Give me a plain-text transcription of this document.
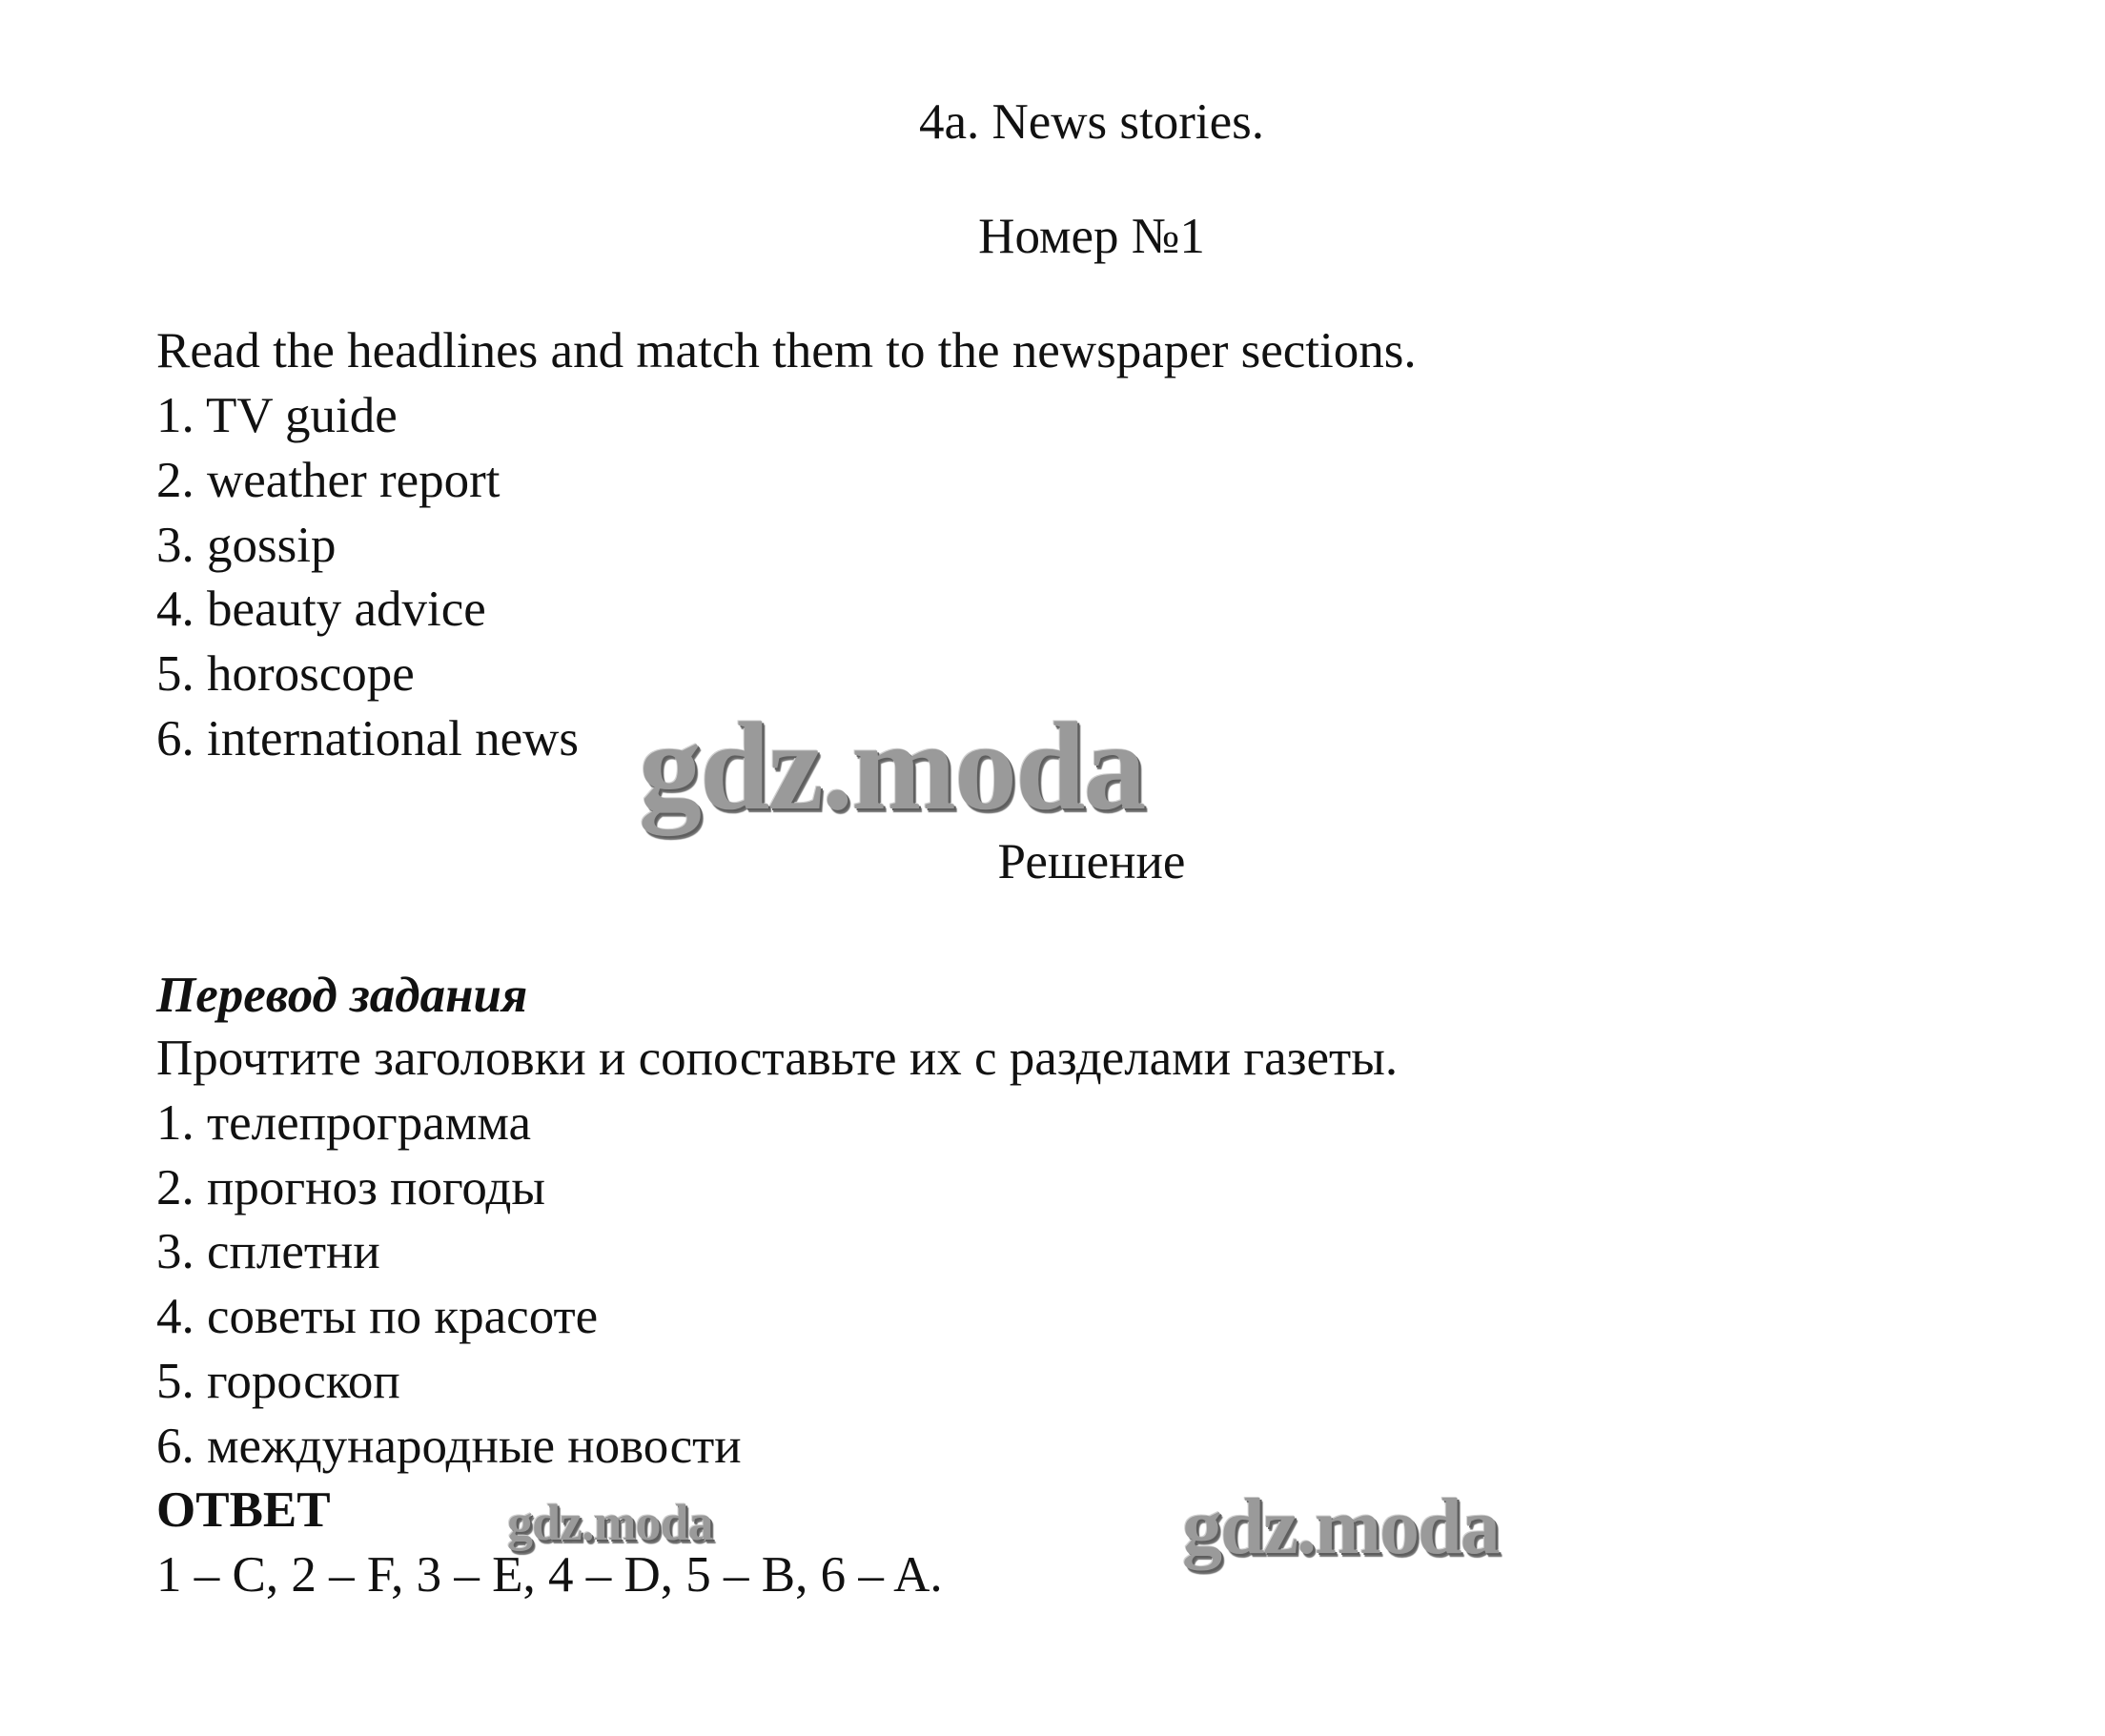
4a. News stories.
Номер №1
Read the headlines and match them to the newspaper sections.
1. TV guide
2. weather report
3. gossip
4. beauty advice
5. horoscope
6. international news gdz.moda
Решение
Перевод задания
Прочтите заголовки и сопоставьте их с разделами газеты.
1. телепрограмма
2. прогноз погоды
3. сплетни
4. советы по красоте
5. гороскоп
6. международные новости
ОТВЕТ	gdz.moda
1 – C, 2 – F, 3 – E, 4 – D, 5 – B, 6 – A.
gdz.moda
